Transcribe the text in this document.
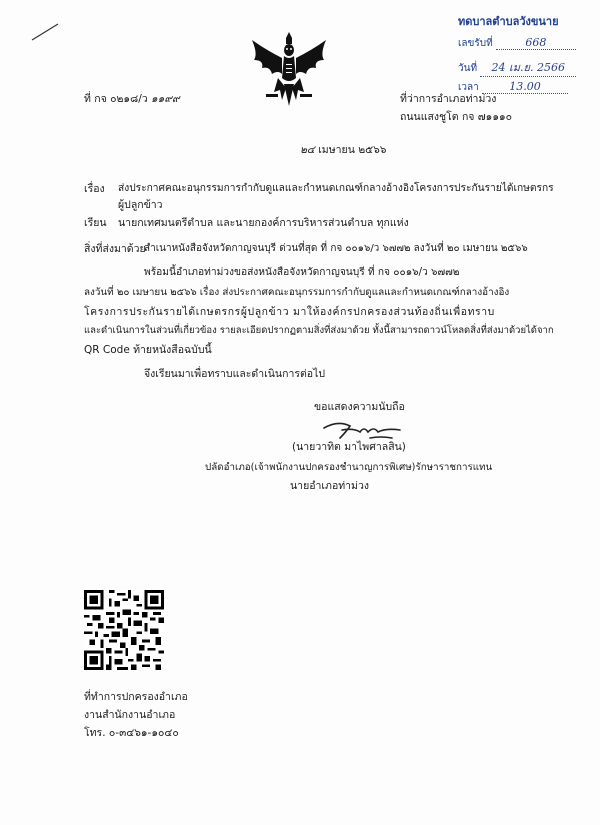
ทดบาลตำบลวังขนาย
เลขรับที่	668
วันที่ 24 เม.ย. 2566
เวลา	13.00
ที่ กจ ๐๒๑๘/ว ๑๑๙๙	ที่ว่าการอำเภอท่าม่วง
ถนนแสงชูโต กจ ๗๑๑๑๐
๒๔ เมษายน ๒๕๖๖
เรื่อง ส่งประกาศคณะอนุกรรมการกำกับดูแลและกำหนดเกณฑ์กลางอ้างอิงโครงการประกันรายได้เกษตรกร
ผู้ปลูกข้าว
เรียน นายกเทศมนตรีตำบล และนายกองค์การบริหารส่วนตำบล ทุกแห่ง
สิ่งที่ส่งมาด้วย
สำเนาหนังสือจังหวัดกาญจนบุรี ด่วนที่สุด ที่ กจ ๐๐๑๖/ว ๖๗๗๒ ลงวันที่ ๒๐ เมษายน ๒๕๖๖
พร้อมนี้อำเภอท่าม่วงขอส่งหนังสือจังหวัดกาญจนบุรี ที่ กจ ๐๐๑๖/ว ๖๗๗๒
ลงวันที่ ๒๐ เมษายน ๒๕๖๖ เรื่อง ส่งประกาศคณะอนุกรรมการกำกับดูแลและกำหนดเกณฑ์กลางอ้างอิง
โครงการประกันรายได้เกษตรกรผู้ปลูกข้าว มาให้องค์กรปกครองส่วนท้องถิ่นเพื่อทราบ
และดำเนินการในส่วนที่เกี่ยวข้อง รายละเอียดปรากฏตามสิ่งที่ส่งมาด้วย ทั้งนี้สามารถดาวน์โหลดสิ่งที่ส่งมาด้วยได้จาก
QR Code ท้ายหนังสือฉบับนี้
จึงเรียนมาเพื่อทราบและดำเนินการต่อไป
ขอแสดงความนับถือ
(นายวาทิต มาไพศาลสิน)
ปลัดอำเภอ(เจ้าพนักงานปกครองชำนาญการพิเศษ)รักษาราชการแทน
นายอำเภอท่าม่วง
ที่ทำการปกครองอำเภอ
งานสำนักงานอำเภอ
โทร. ๐-๓๔๖๑-๑๐๔๐
